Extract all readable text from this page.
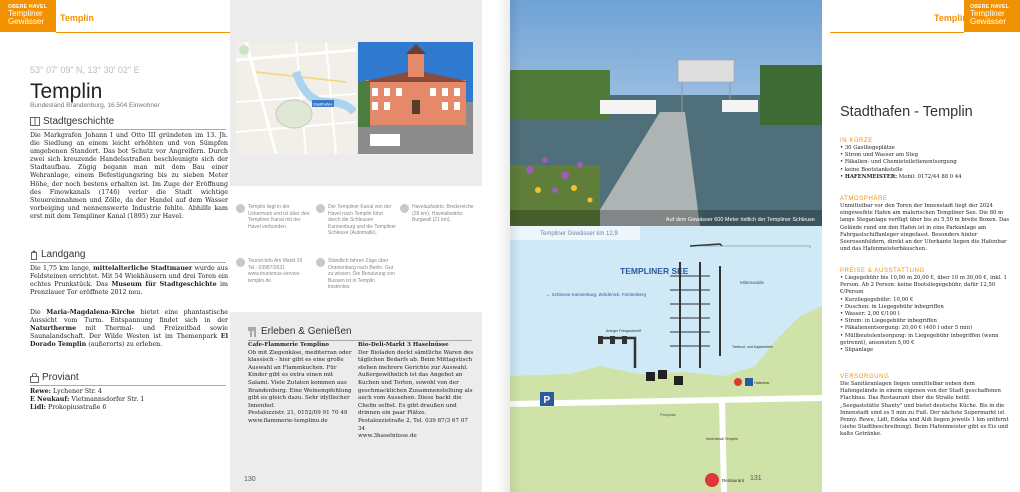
OBERE HAVEL
Templiner
Gewässer	Templin
53° 07' 09" N, 13° 30' 02" E
Templin
Bundesland Brandenburg, 16.504 Einwohner
Stadtgeschichte

Die Markgrafen Johann I und Otto III gründeten im 13. Jh. die Siedlung an einem leicht erhöhten und von Sümpfen umgebenen Standort. Das bot Schutz vor Angreifern. Durch zwei sich kreuzende Handelsstraßen beschleunigte sich der Stadtaufbau. Zügig begann man mit dem Bau einer Wehranlage, einem Befestigungsring bis zu sieben Meter Höhe, der noch bestens erhalten ist. Im Zuge der Eröffnung des Finowkanals (1746) verlor die Stadt wichtige Steuereinnahmen und Zölle, da der Handel auf dem Wasser vorbeiging und nennenswerte Industrie fehlte. Abhilfe kam erst mit dem Templiner Kanal (1895) zur Havel.

Landgang

Die 1,75 km lange, mittelalterliche Stadtmauer wurde aus Feldsteinen errichtet. Mit 54 Wiekhäusern und drei Toren ein echtes Prunkstück. Das Museum für Stadtgeschichte im Prenzlauer Tor eröffnete 2012 neu.

Die Maria-Magdalena-Kirche bietet eine phantastische Aussicht vom Turm. Entspannung findet sich in der Naturtherme mit Thermal- und Freizeitbad sowie Saunalandschaft. Der Wilde Westen ist im Themenpark El Dorado Templin (außerorts) zu erleben.

Proviant
Rewe: Lychener Str. 4
E Neukauf: Vietmannsdorfer Str. 1
Lidl: Prokopiusstraße 6
Stadthafen
Templin liegt in der Uckermark und ist über den Templiner Kanal mit der Havel verbunden.
Der Templiner Kanal von der Havel nach Templin führt durch die Schleusen Kannenburg und die Templiner Schleuse (Automatik).
Havelaufwärts: Bredereiche (28 km), Havelabwärts: Burgwall (21 km).
Tourist-Info Am Markt 19 Tel.: 03987/2631 www.tourismus-service-templin.de
Stündlich fahren Züge über Oranienburg nach Berlin. Gut zu wissen: Die Benutzung von Bussen ist in Templin kostenlos.
Erleben & Genießen
Cafe-Flammerie Templino
Ob mit Ziegenkäse, mediterran oder klassisch - hier gibt es eine große Auswahl an Flammkuchen. Für Kinder gibt es extra einen mit Salami. Viele Zutaten kommen aus Brandenburg. Eine Weinempfehlung gibt es gleich dazu. Sehr idyllischer Innenhof.
Pestalozzistr. 21, 0152/09 91 70 49
www.flammerie-templino.de
Bio-Deli-Markt 3 Haselnüsse
Der Bioladen deckt sämtliche Waren des täglichen Bedarfs ab. Beim Mittagstisch stehen mehrere Gerichte zur Auswahl. Außergewöhnlich ist das Angebot an Kuchen und Torten, sowohl von der geschmacklichen Zusammenstellung als auch vom Aussehen. Diese backt die Chefin selbst. Es gibt draußen und drinnen ein paar Plätze.
Pestalozzistraße 2, Tel. 039 87/3 67 07 34
www.3haselnüsse.de
130
Auf dem Gewässer 600 Meter östlich der Templiner Schleuse
Templiner Gewässer km 12,9
TEMPLINER SEE
← Schleuse Kannenburg, Zehdenick, Fürstenberg
Mittenwalde
Anleger Fahrgastschiff
Tretboot- und Kajakverleih
Hafenbar
Parkplatz
P
Restaurant
Innenstadt Templin
131
OBERE HAVEL
Templiner
Gewässer
Templin
Stadthafen - Templin
IN KÜRZE
• 30 Gastliegeplätze
• Strom und Wasser am Steg
• Fäkalien- und Chemietoilettenentsorgung
• keine Bootstankstelle
• HAFENMEISTER: Mobil: 0172/44 88 0 44
ATMOSPHÄRE

Unmittelbar vor den Toren der Innenstadt liegt der 2024 eingeweihte Hafen am malerischen Templiner See. Die 80 m lange Steganlage verfügt über bis zu 5,50 m breite Boxen. Das Gelände rund um den Hafen ist in eine Parkanlage am Fahrgastschiffanleger eingefasst. Besonders hinter Seerosenfeldern, direkt an der Uferkante liegen die Hafenbar und das Hafenmeisterhäuschen.

PREISE & AUSSTATTUNG
• Liegegebühr bis 10,00 m 20,00 €, über 10 m 30,00 €, inkl. 1 Person. Ab 2 Person: keine Bootsliegegebühr, dafür 12,50 €/Person
• Kurzliegegebühr: 10,00 €
• Duschen: in Liegegebühr inbegriffen
• Wasser: 2,00 €/100 l
• Strom: in Liegegebühr inbegriffen
• Fäkalienentsorgung: 20,00 € (400 l oder 5 min)
• Müllbeutelentsorgung: in Liegegebühr inbegriffen (wenn getrennt), ansonsten 5,00 €
• Slipanlage
VERSORGUNG

Die Sanitäranlagen liegen unmittelbar neben dem Hafengelände in einem eigenen von der Stadt geschaffenen Flachbau. Das Restaurant über die Straße heißt „Seegaststätte Shanty" und bietet deutsche Küche. Bis in die Innenstadt sind es 5 min zu Fuß. Der nächste Supermarkt ist Penny. Rewe, Lidl, Edeka und Aldi liegen jeweils 1 km entfernt (siehe Stadtbeschreibung). Beim Hafenmeister gibt es Eis und kalte Getränke.
